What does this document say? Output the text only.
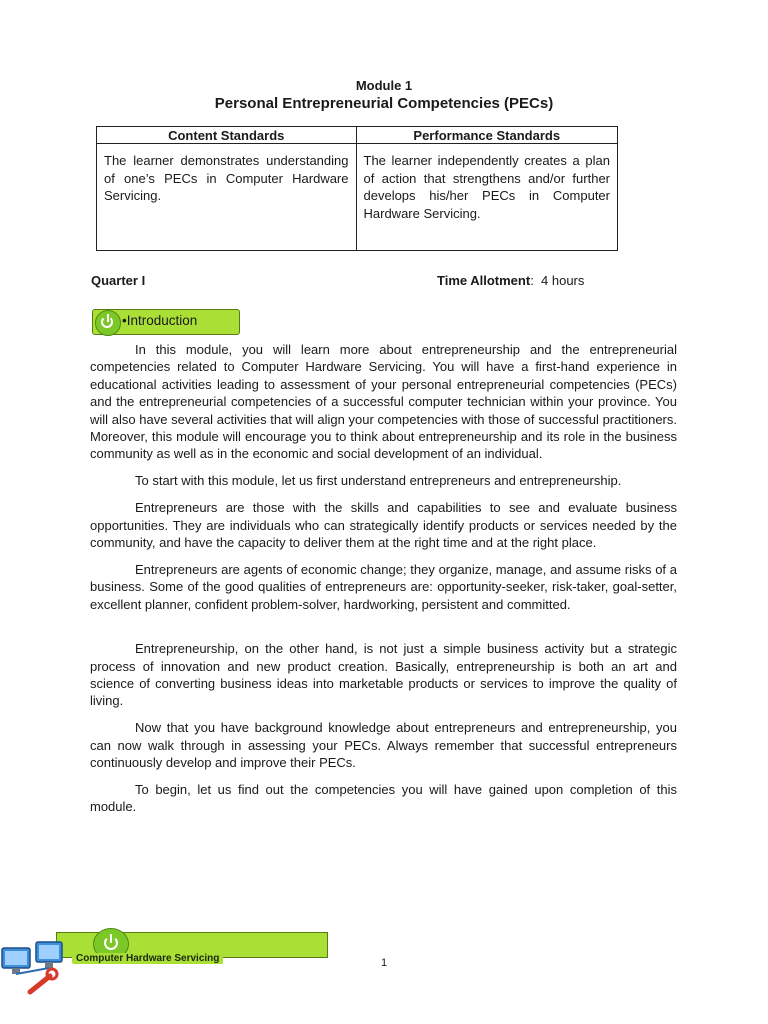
Module 1
Personal Entrepreneurial Competencies (PECs)
Content Standards	Performance Standards
The learner demonstrates understanding of one’s PECs in Computer Hardware Servicing.	The learner independently creates a plan of action that strengthens and/or further develops his/her PECs in Computer Hardware Servicing.
Quarter I	Time Allotment:  4 hours
•Introduction

In this module, you will learn more about entrepreneurship and the entrepreneurial competencies related to Computer Hardware Servicing. You will have a first-hand experience in educational activities leading to assessment of your personal entrepreneurial competencies (PECs) and the entrepreneurial competencies of a successful computer technician within your province. You will also have several activities that will align your competencies with those of successful practitioners. Moreover, this module will encourage you to think about entrepreneurship and its role in the business community as well as in the economic and social development of an individual.

To start with this module, let us first understand entrepreneurs and entrepreneurship.

Entrepreneurs are those with the skills and capabilities to see and evaluate business opportunities. They are individuals who can strategically identify products or services needed by the community, and have the capacity to deliver them at the right time and at the right place.

Entrepreneurs are agents of economic change; they organize, manage, and assume risks of a business. Some of the good qualities of entrepreneurs are: opportunity-seeker, risk-taker, goal-setter, excellent planner, confident problem-solver, hardworking, persistent and committed.

Entrepreneurship, on the other hand, is not just a simple business activity but a strategic process of innovation and new product creation. Basically, entrepreneurship is both an art and science of converting business ideas into marketable products or services to improve the quality of living.

Now that you have background knowledge about entrepreneurs and entrepreneurship, you can now walk through in assessing your PECs. Always remember that successful entrepreneurs continuously develop and improve their PECs.

To begin, let us find out the competencies you will have gained upon completion of this module.

Computer Hardware Servicing	1
